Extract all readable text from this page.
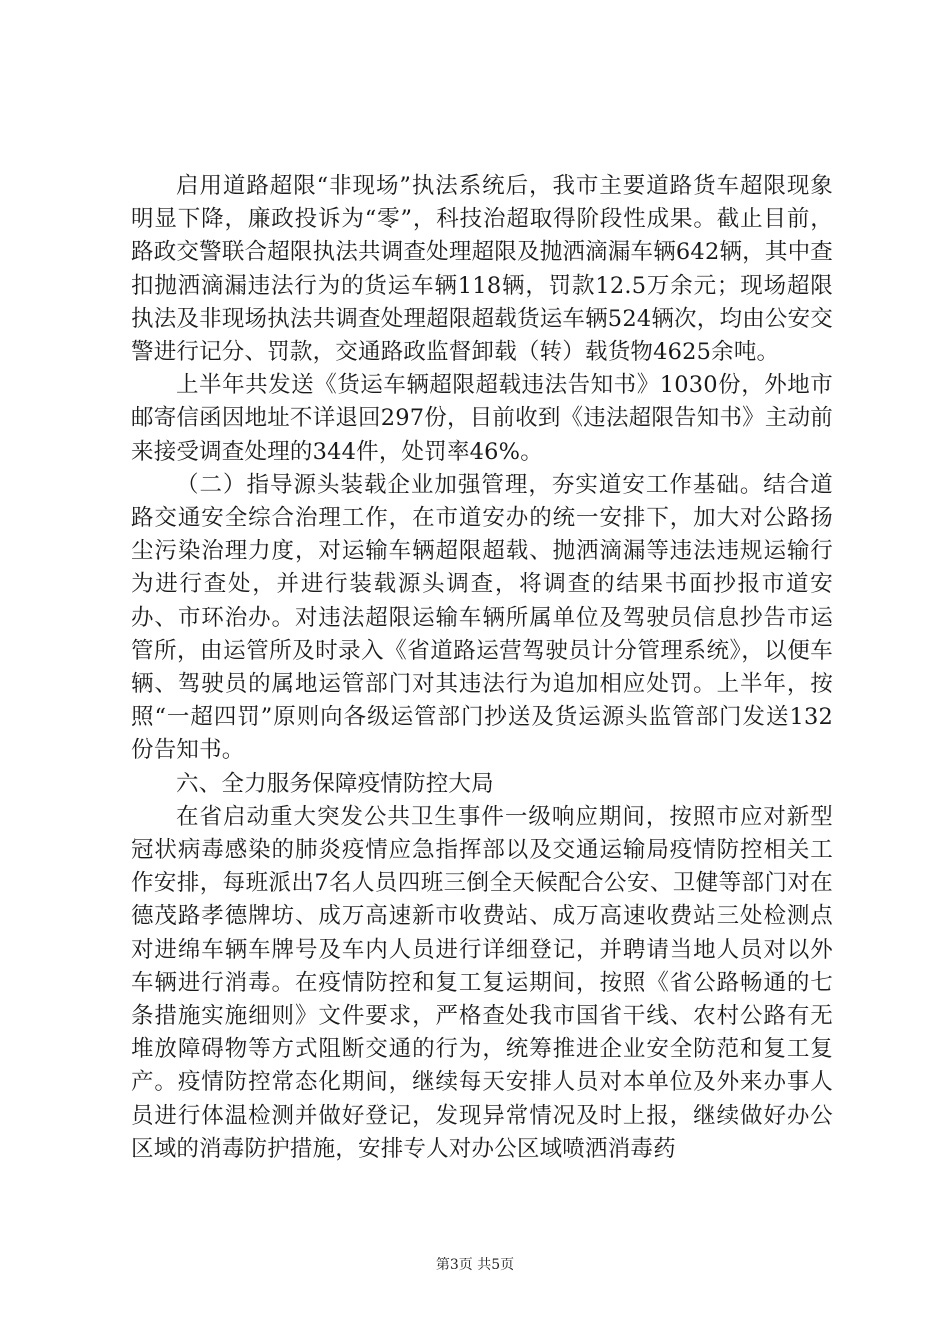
启用道路超限“非现场”执法系统后，我市主要道路货车超限现象明显下降，廉政投诉为“零”，科技治超取得阶段性成果。截止目前，路政交警联合超限执法共调查处理超限及抛洒滴漏车辆642辆，其中查扣抛洒滴漏违法行为的货运车辆118辆，罚款12.5万余元；现场超限执法及非现场执法共调查处理超限超载货运车辆524辆次，均由公安交警进行记分、罚款，交通路政监督卸载（转）载货物4625余吨。

上半年共发送《货运车辆超限超载违法告知书》1030份，外地市邮寄信函因地址不详退回297份，目前收到《违法超限告知书》主动前来接受调查处理的344件，处罚率46%。

（二）指导源头装载企业加强管理，夯实道安工作基础。结合道路交通安全综合治理工作，在市道安办的统一安排下，加大对公路扬尘污染治理力度，对运输车辆超限超载、抛洒滴漏等违法违规运输行为进行查处，并进行装载源头调查，将调查的结果书面抄报市道安办、市环治办。对违法超限运输车辆所属单位及驾驶员信息抄告市运管所，由运管所及时录入《省道路运营驾驶员计分管理系统》，以便车辆、驾驶员的属地运管部门对其违法行为追加相应处罚。上半年，按照“一超四罚”原则向各级运管部门抄送及货运源头监管部门发送132份告知书。

六、全力服务保障疫情防控大局

在省启动重大突发公共卫生事件一级响应期间，按照市应对新型冠状病毒感染的肺炎疫情应急指挥部以及交通运输局疫情防控相关工作安排，每班派出7名人员四班三倒全天候配合公安、卫健等部门对在德茂路孝德牌坊、成万高速新市收费站、成万高速收费站三处检测点对进绵车辆车牌号及车内人员进行详细登记，并聘请当地人员对以外车辆进行消毒。在疫情防控和复工复运期间，按照《省公路畅通的七条措施实施细则》文件要求，严格查处我市国省干线、农村公路有无堆放障碍物等方式阻断交通的行为，统筹推进企业安全防范和复工复产。疫情防控常态化期间，继续每天安排人员对本单位及外来办事人员进行体温检测并做好登记，发现异常情况及时上报，继续做好办公区域的消毒防护措施，安排专人对办公区域喷洒消毒药

第3页 共5页
